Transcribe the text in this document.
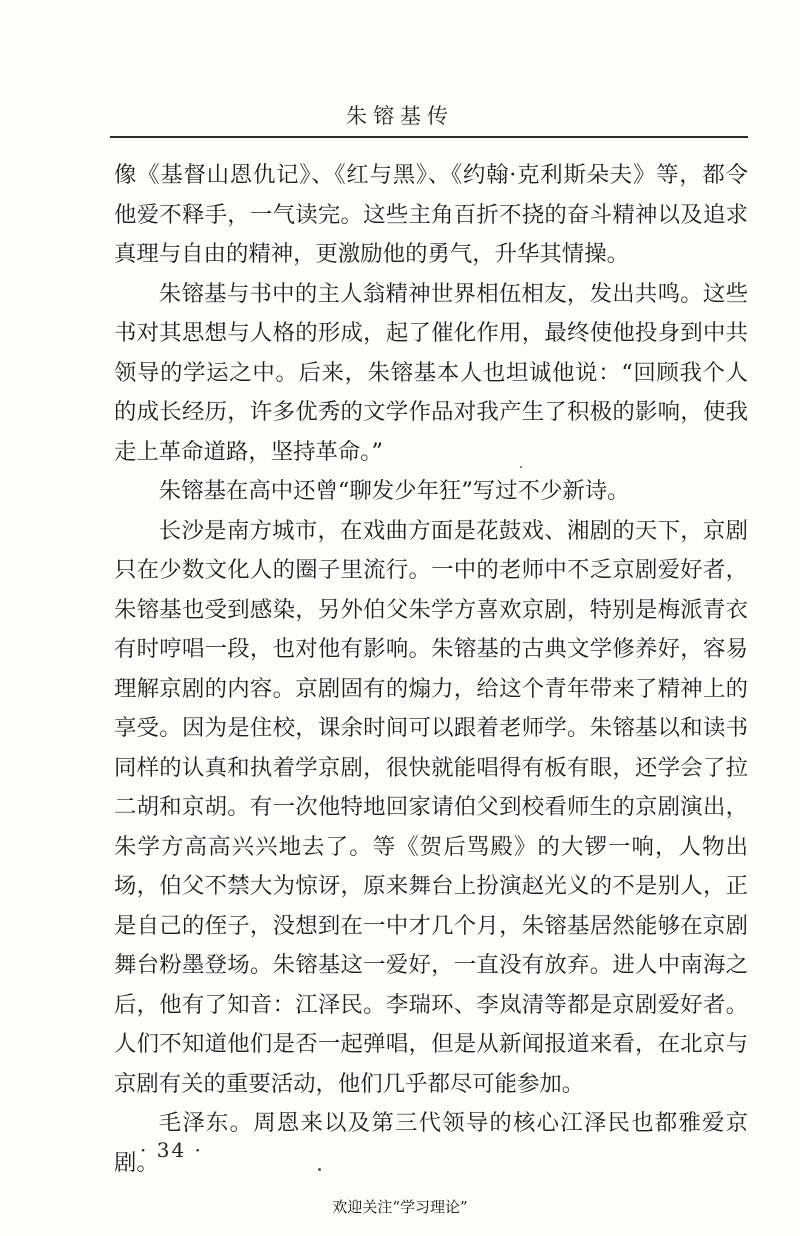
朱镕基传

像《基督山恩仇记》、《红与黑》、《约翰·克利斯朵夫》等，都令他爱不释手，一气读完。这些主角百折不挠的奋斗精神以及追求真理与自由的精神，更激励他的勇气，升华其情操。

朱镕基与书中的主人翁精神世界相伍相友，发出共鸣。这些书对其思想与人格的形成，起了催化作用，最终使他投身到中共领导的学运之中。后来，朱镕基本人也坦诚他说：“回顾我个人的成长经历，许多优秀的文学作品对我产生了积极的影响，使我走上革命道路，坚持革命。”

朱镕基在高中还曾“聊发少年狂”写过不少新诗。

长沙是南方城市，在戏曲方面是花鼓戏、湘剧的天下，京剧只在少数文化人的圈子里流行。一中的老师中不乏京剧爱好者，朱镕基也受到感染，另外伯父朱学方喜欢京剧，特别是梅派青衣有时哼唱一段，也对他有影响。朱镕基的古典文学修养好，容易理解京剧的内容。京剧固有的煽力，给这个青年带来了精神上的享受。因为是住校，课余时间可以跟着老师学。朱镕基以和读书同样的认真和执着学京剧，很快就能唱得有板有眼，还学会了拉二胡和京胡。有一次他特地回家请伯父到校看师生的京剧演出，朱学方高高兴兴地去了。等《贺后骂殿》的大锣一响，人物出场，伯父不禁大为惊讶，原来舞台上扮演赵光义的不是别人，正是自己的侄子，没想到在一中才几个月，朱镕基居然能够在京剧舞台粉墨登场。朱镕基这一爱好，一直没有放弃。进人中南海之后，他有了知音：江泽民。李瑞环、李岚清等都是京剧爱好者。人们不知道他们是否一起弹唱，但是从新闻报道来看，在北京与京剧有关的重要活动，他们几乎都尽可能参加。

毛泽东。周恩来以及第三代领导的核心江泽民也都雅爱京剧。

· 34 ·
欢迎关注“学习理论”
